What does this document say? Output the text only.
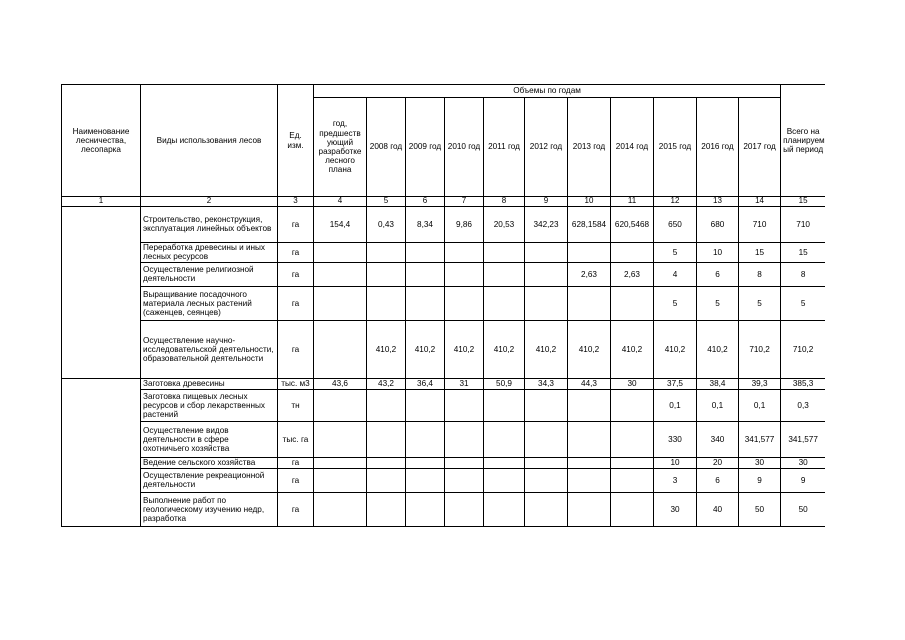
Наименование лесничества, лесопарка	Виды использования лесов	Ед. изм.	Объемы по годам											Всего на планируем ый период
			год, предшеств ующий разработке лесного плана	2008 год	2009 год	2010 год	2011 год	2012 год	2013 год	2014 год	2015 год	2016 год	2017 год	
1	2	3	4	5	6	7	8	9	10	11	12	13	14	15
	Строительство, реконструкция, эксплуатация линейных объектов	га	154,4	0,43	8,34	9,86	20,53	342,23	628,1584	620,5468	650	680	710	710
	Переработка древесины и иных лесных ресурсов	га									5	10	15	15
	Осуществление религиозной деятельности	га							2,63	2,63	4	6	8	8
	Выращивание посадочного материала лесных растений (саженцев, сеянцев)	га									5	5	5	5
	Осуществление научно-исследовательской деятельности, образовательной деятельности	га		410,2	410,2	410,2	410,2	410,2	410,2	410,2	410,2	410,2	710,2	710,2
	Заготовка древесины	тыс. м3	43,6	43,2	36,4	31	50,9	34,3	44,3	30	37,5	38,4	39,3	385,3
	Заготовка пищевых лесных ресурсов и сбор лекарственных растений	тн									0,1	0,1	0,1	0,3
	Осуществление видов деятельности в сфере охотничьего хозяйства	тыс. га									330	340	341,577	341,577
	Ведение сельского хозяйства	га									10	20	30	30
	Осуществление рекреационной деятельности	га									3	6	9	9
	Выполнение работ по геологическому изучению недр, разработка	га									30	40	50	50
